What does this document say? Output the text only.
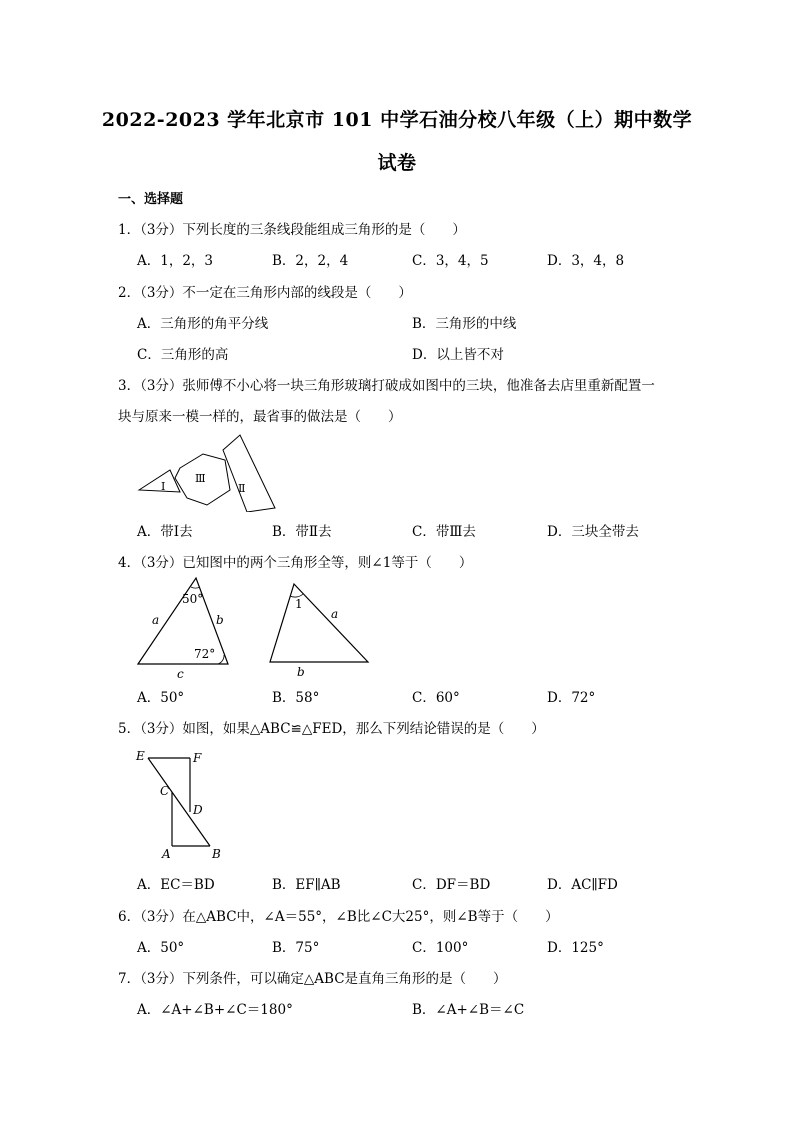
2022-2023 学年北京市 101 中学石油分校八年级（上）期中数学
试卷
一、选择题
1．（3分）下列长度的三条线段能组成三角形的是（　　）
A．1，2，3	B．2，2，4	C．3，4，5	D．3，4，8
2．（3分）不一定在三角形内部的线段是（　　）
A．三角形的角平分线	B．三角形的中线
C．三角形的高	D．以上皆不对
3．（3分）张师傅不小心将一块三角形玻璃打破成如图中的三块，他准备去店里重新配置一
块与原来一模一样的，最省事的做法是（　　）
Ⅰ
Ⅲ
Ⅱ
A．带Ⅰ去	B．带Ⅱ去	C．带Ⅲ去	D．三块全带去
4．（3分）已知图中的两个三角形全等，则∠1等于（　　）
50°
72°
a	b
c
1
a
b
A．50°	B．58°	C．60°	D．72°
5．（3分）如图，如果△ABC≌△FED，那么下列结论错误的是（　　）
E	F
C
D
A	B
A．EC＝BD	B．EF∥AB	C．DF＝BD	D．AC∥FD
6．（3分）在△ABC中，∠A＝55°，∠B比∠C大25°，则∠B等于（　　）
A．50°	B．75°	C．100°	D．125°
7．（3分）下列条件，可以确定△ABC是直角三角形的是（　　）
A．∠A+∠B+∠C＝180°	B．∠A+∠B＝∠C
